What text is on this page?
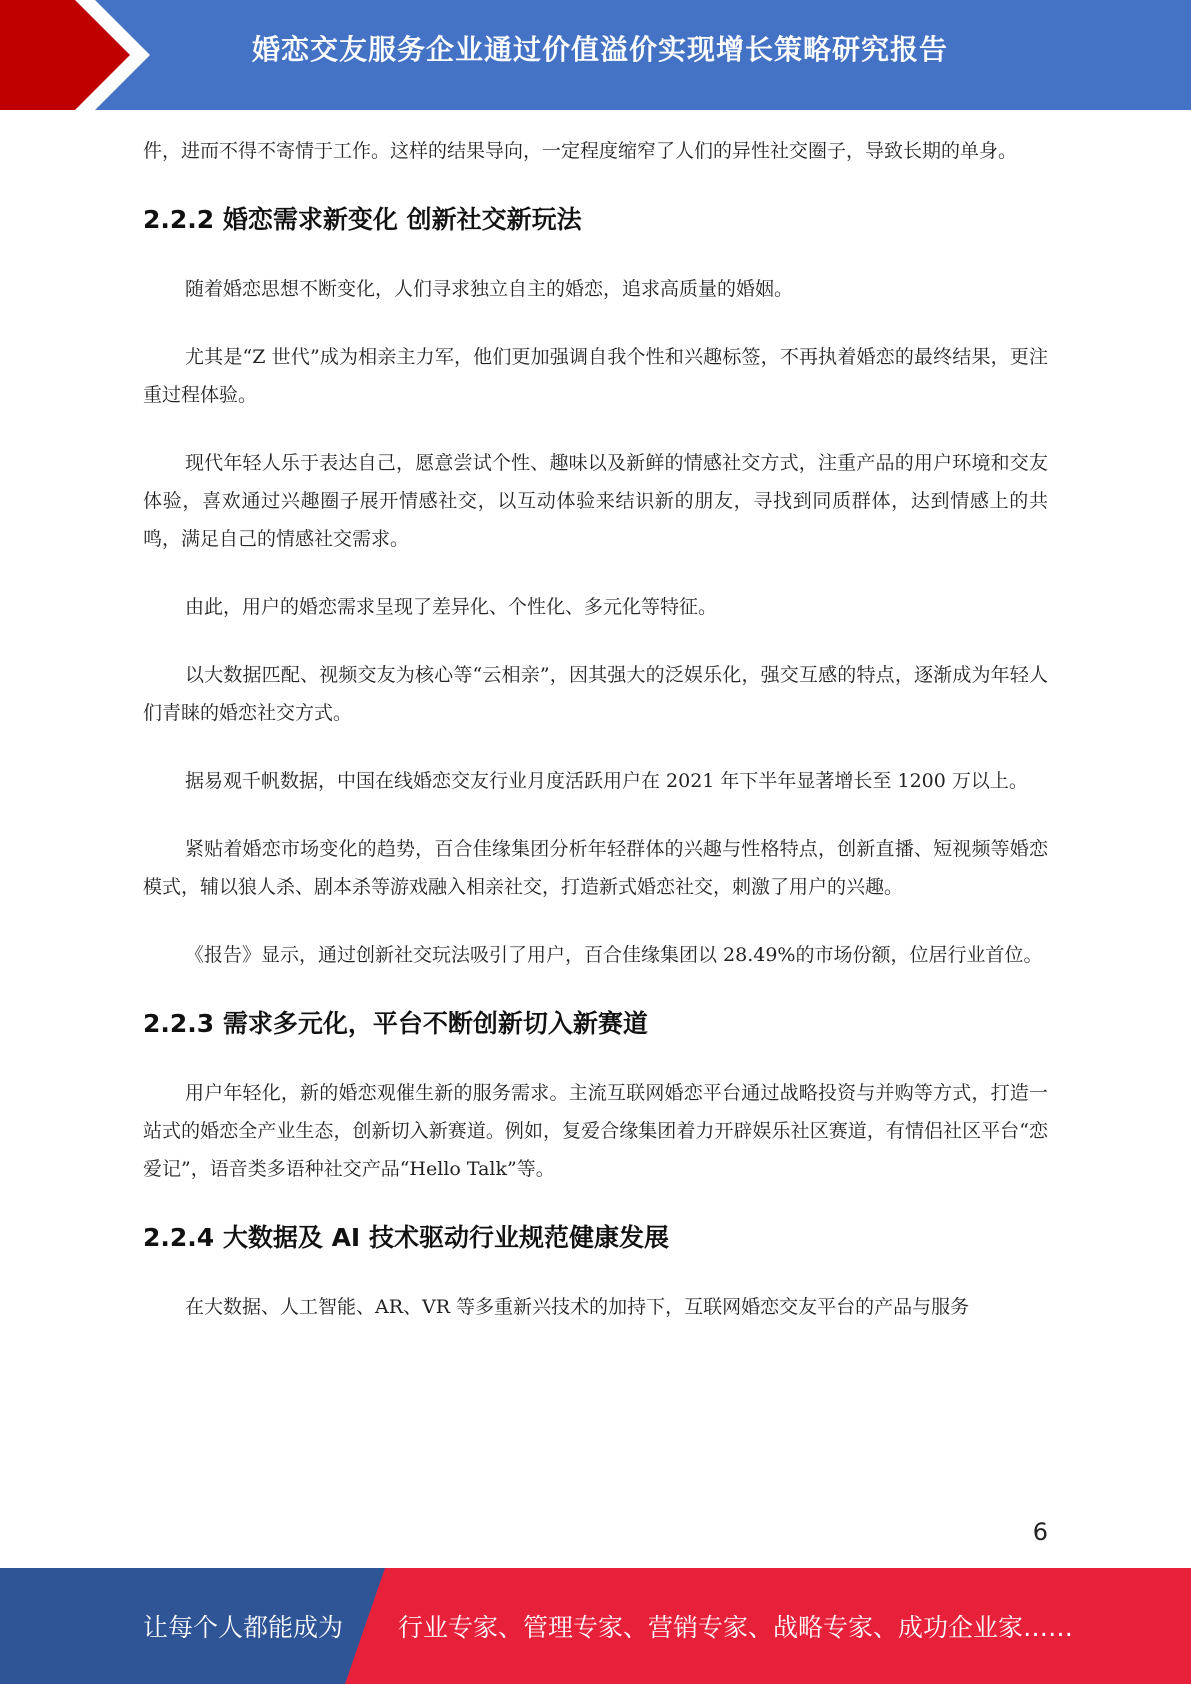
婚恋交友服务企业通过价值溢价实现增长策略研究报告

件，进而不得不寄情于工作。这样的结果导向，一定程度缩窄了人们的异性社交圈子，导致长期的单身。

2.2.2 婚恋需求新变化 创新社交新玩法

随着婚恋思想不断变化，人们寻求独立自主的婚恋，追求高质量的婚姻。

尤其是“Z 世代”成为相亲主力军，他们更加强调自我个性和兴趣标签，不再执着婚恋的最终结果，更注重过程体验。

现代年轻人乐于表达自己，愿意尝试个性、趣味以及新鲜的情感社交方式，注重产品的用户环境和交友体验，喜欢通过兴趣圈子展开情感社交，以互动体验来结识新的朋友，寻找到同质群体，达到情感上的共鸣，满足自己的情感社交需求。

由此，用户的婚恋需求呈现了差异化、个性化、多元化等特征。

以大数据匹配、视频交友为核心等“云相亲”，因其强大的泛娱乐化，强交互感的特点，逐渐成为年轻人们青睐的婚恋社交方式。

据易观千帆数据，中国在线婚恋交友行业月度活跃用户在 2021 年下半年显著增长至 1200 万以上。

紧贴着婚恋市场变化的趋势，百合佳缘集团分析年轻群体的兴趣与性格特点，创新直播、短视频等婚恋模式，辅以狼人杀、剧本杀等游戏融入相亲社交，打造新式婚恋社交，刺激了用户的兴趣。

《报告》显示，通过创新社交玩法吸引了用户，百合佳缘集团以 28.49%的市场份额，位居行业首位。

2.2.3 需求多元化，平台不断创新切入新赛道

用户年轻化，新的婚恋观催生新的服务需求。主流互联网婚恋平台通过战略投资与并购等方式，打造一站式的婚恋全产业生态，创新切入新赛道。例如，复爱合缘集团着力开辟娱乐社区赛道，有情侣社区平台“恋爱记”，语音类多语种社交产品“Hello Talk”等。

2.2.4 大数据及 AI 技术驱动行业规范健康发展

在大数据、人工智能、AR、VR 等多重新兴技术的加持下，互联网婚恋交友平台的产品与服务

6
让每个人都能成为 行业专家、管理专家、营销专家、战略专家、成功企业家……
